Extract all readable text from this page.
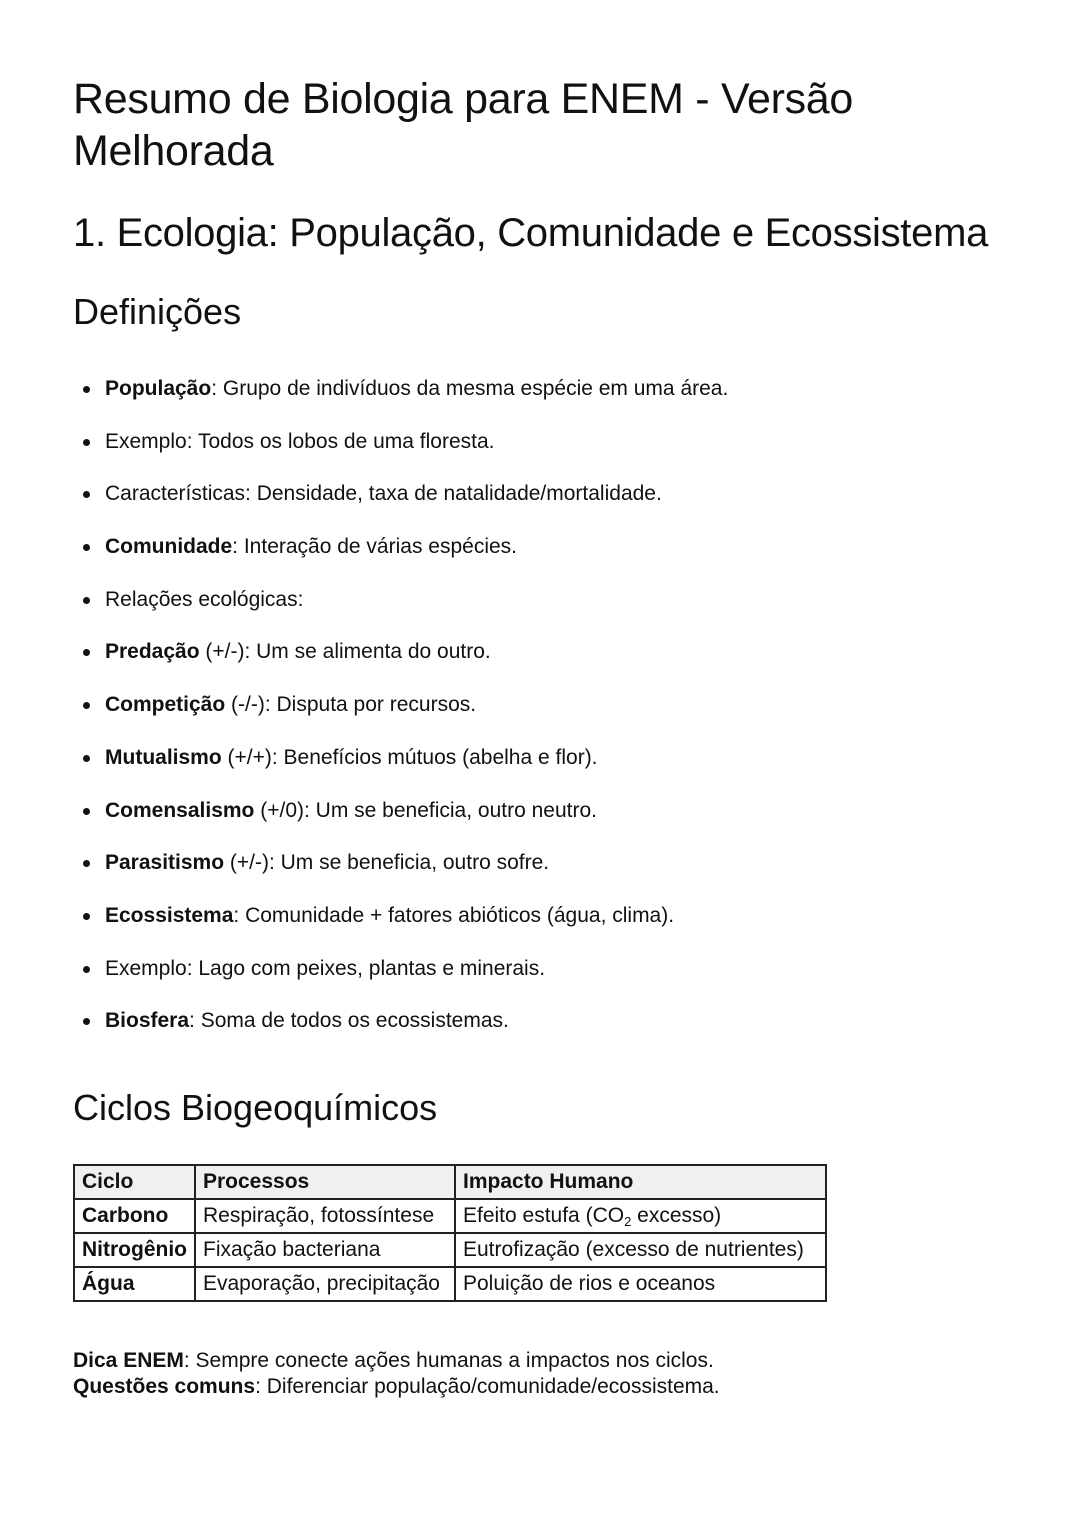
Resumo de Biologia para ENEM - Versão Melhorada
1. Ecologia: População, Comunidade e Ecossistema
Definições
População: Grupo de indivíduos da mesma espécie em uma área.
Exemplo: Todos os lobos de uma floresta.
Características: Densidade, taxa de natalidade/mortalidade.
Comunidade: Interação de várias espécies.
Relações ecológicas:
Predação (+/-): Um se alimenta do outro.
Competição (-/-): Disputa por recursos.
Mutualismo (+/+): Benefícios mútuos (abelha e flor).
Comensalismo (+/0): Um se beneficia, outro neutro.
Parasitismo (+/-): Um se beneficia, outro sofre.
Ecossistema: Comunidade + fatores abióticos (água, clima).
Exemplo: Lago com peixes, plantas e minerais.
Biosfera: Soma de todos os ecossistemas.
Ciclos Biogeoquímicos
Ciclo	Processos	Impacto Humano
Carbono	Respiração, fotossíntese	Efeito estufa ($CO_2$ excesso)
Nitrogênio	Fixação bacteriana	Eutrofização (excesso de nutrientes)
Água	Evaporação, precipitação	Poluição de rios e oceanos

Dica ENEM: Sempre conecte ações humanas a impactos nos ciclos.

Questões comuns: Diferenciar população/comunidade/ecossistema.
